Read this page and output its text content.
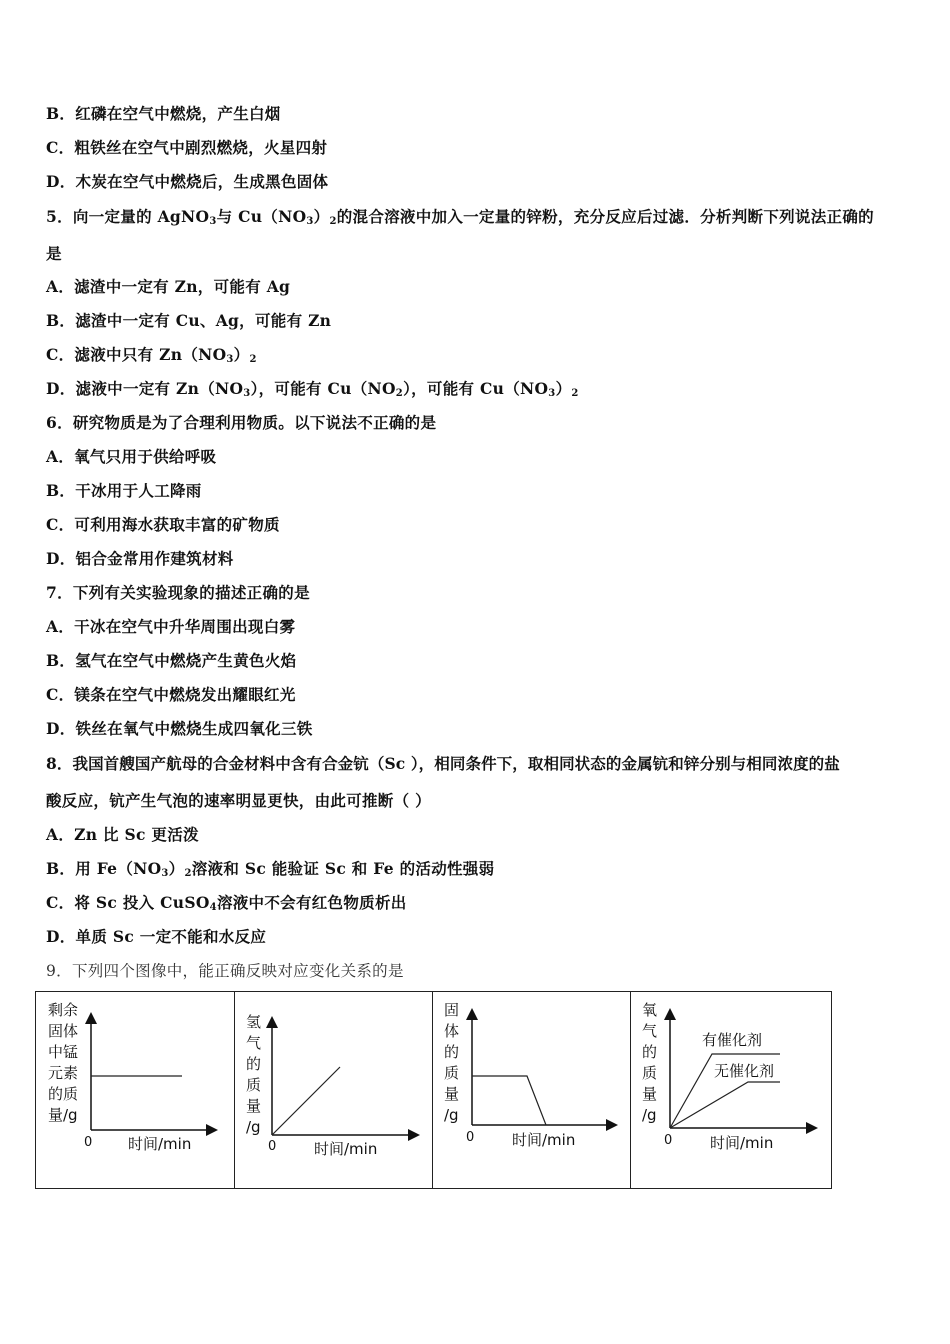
B．红磷在空气中燃烧，产生白烟
C．粗铁丝在空气中剧烈燃烧，火星四射
D．木炭在空气中燃烧后，生成黑色固体
5．向一定量的 AgNO$_3$与 $Cu(NO_3)_2$的混合溶液中加入一定量的锌粉，充分反应后过滤．分析判断下列说法正确的
是
A．滤渣中一定有 Zn，可能有 Ag
B．滤渣中一定有 Cu、Ag，可能有 Zn
C．滤液中只有 $Zn(NO_3)_2$
D．滤液中一定有 $Zn(NO_3)$，可能有 $Cu(NO_2)$，可能有 $Cu(NO_3)_2$
6．研究物质是为了合理利用物质。以下说法不正确的是
A．氧气只用于供给呼吸
B．干冰用于人工降雨
C．可利用海水获取丰富的矿物质
D．铝合金常用作建筑材料
7．下列有关实验现象的描述正确的是
A．干冰在空气中升华周围出现白雾
B．氢气在空气中燃烧产生黄色火焰
C．镁条在空气中燃烧发出耀眼红光
D．铁丝在氧气中燃烧生成四氧化三铁
8．我国首艘国产航母的合金材料中含有合金钪（Sc ），相同条件下，取相同状态的金属钪和锌分别与相同浓度的盐
酸反应，钪产生气泡的速率明显更快，由此可推断（ ）
A．Zn 比 Sc 更活泼
B．用 $Fe(NO_3)_2$溶液和 Sc 能验证 Sc 和 Fe 的活动性强弱
C．将 Sc 投入 CuSO$_4$溶液中不会有红色物质析出
D．单质 Sc 一定不能和水反应
9．下列四个图像中，能正确反映对应变化关系的是
剩余
固体
中锰
元素
的质
量/g
0 时间/min
氢
气
的
质
量
/g
0	时间/min
固
体
的
质
量
/g
0	时间/min
氧
气
的
质
量
/g
有催化剂
无催化剂
0	时间/min
